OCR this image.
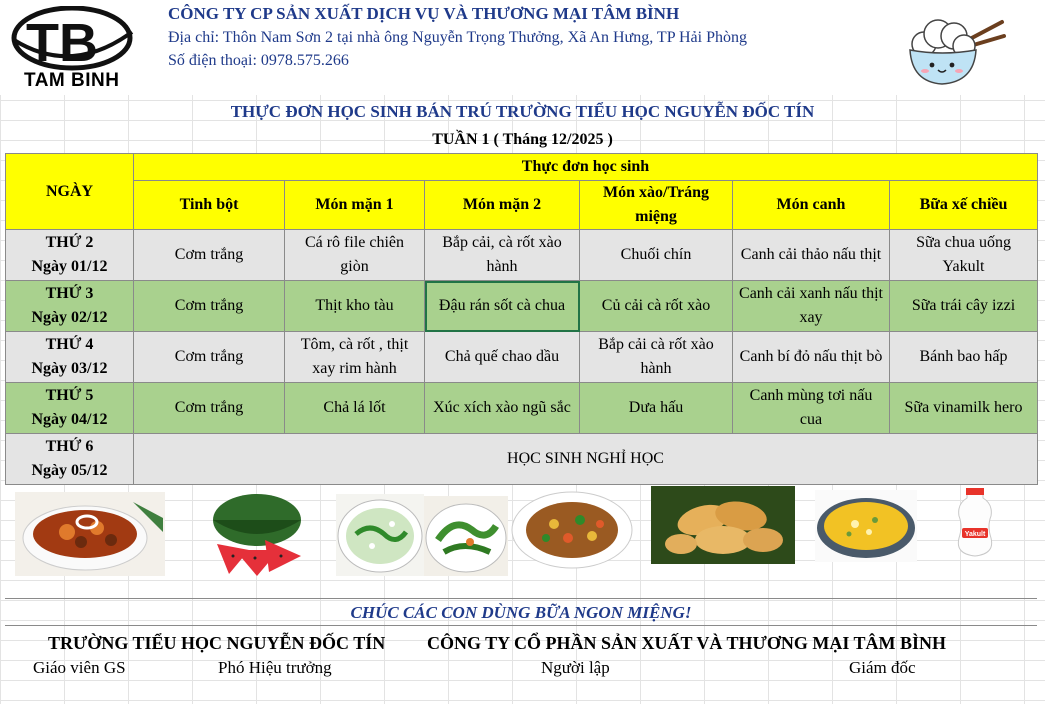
TB
TAM BINH
CÔNG TY CP SẢN XUẤT DỊCH VỤ VÀ THƯƠNG MẠI TÂM BÌNH
Địa chỉ: Thôn Nam Sơn 2 tại nhà ông Nguyễn Trọng Thưởng, Xã An Hưng, TP Hải Phòng
Số điện thoại: 0978.575.266
THỰC ĐƠN HỌC SINH BÁN TRÚ TRƯỜNG TIỂU HỌC NGUYỄN ĐỐC TÍN
TUẦN 1 ( Tháng 12/2025 )
NGÀY	Thực đơn học sinh					
	Tinh bột	Món mặn 1	Món mặn 2	Món xào/Tráng miệng	Món canh	Bữa xế chiều
THỨ 2
Ngày 01/12	Cơm trắng	Cá rô file chiên giòn	Bắp cải, cà rốt xào hành	Chuối chín	Canh cải thảo nấu thịt	Sữa chua uống Yakult
THỨ 3
Ngày 02/12	Cơm trắng	Thịt kho tàu	Đậu rán sốt cà chua	Củ cải cà rốt xào	Canh cải xanh nấu thịt xay	Sữa trái cây izzi
THỨ 4
Ngày 03/12	Cơm trắng	Tôm, cà rốt , thịt xay rim hành	Chả quế chao dầu	Bắp cải cà rốt xào hành	Canh bí đỏ nấu thịt bò	Bánh bao hấp
THỨ 5
Ngày 04/12	Cơm trắng	Chả lá lốt	Xúc xích xào ngũ sắc	Dưa hấu	Canh mùng tơi nấu cua	Sữa vinamilk hero
THỨ 6
Ngày 05/12	HỌC SINH NGHỈ HỌC					
Yakult
CHÚC CÁC CON DÙNG BỮA NGON MIỆNG!
TRƯỜNG TIỂU HỌC NGUYỄN ĐỐC TÍN CÔNG TY CỔ PHẦN SẢN XUẤT VÀ THƯƠNG MẠI TÂM BÌNH
Giáo viên GS	Phó Hiệu trưởng	Người lập	Giám đốc
